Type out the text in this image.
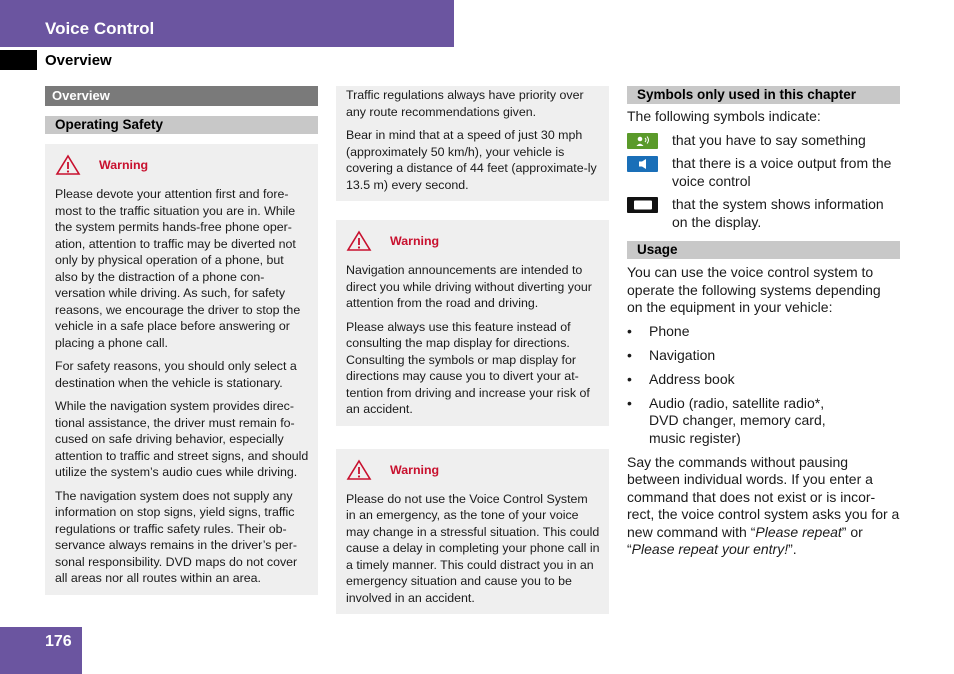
Voice Control
Overview
Overview
Operating Safety
Warning

Please devote your attention first and fore-most to the traffic situation you are in. While the system permits hands-free phone oper-ation, attention to traffic may be diverted not only by physical operation of a phone, but also by the distraction of a phone con-versation while driving. As such, for safety reasons, we encourage the driver to stop the vehicle in a safe place before answering or placing a phone call.

For safety reasons, you should only select a destination when the vehicle is stationary.

While the navigation system provides direc-tional assistance, the driver must remain fo-cused on safe driving behavior, especially attention to traffic and street signs, and should utilize the system’s audio cues while driving.

The navigation system does not supply any information on stop signs, yield signs, traffic regulations or traffic safety rules. Their ob-servance always remains in the driver’s per-sonal responsibility. DVD maps do not cover all areas nor all routes within an area.

Traffic regulations always have priority over any route recommendations given.

Bear in mind that at a speed of just 30 mph (approximately 50 km/h), your vehicle is covering a distance of 44 feet (approximate-ly 13.5 m) every second.

Warning

Navigation announcements are intended to direct you while driving without diverting your attention from the road and driving.

Please always use this feature instead of consulting the map display for directions. Consulting the symbols or map display for directions may cause you to divert your at-tention from driving and increase your risk of an accident.

Warning

Please do not use the Voice Control System in an emergency, as the tone of your voice may change in a stressful situation. This could cause a delay in completing your phone call in a timely manner. This could distract you in an emergency situation and cause you to be involved in an accident.

Symbols only used in this chapter

The following symbols indicate:

that you have to say something
that there is a voice output from the voice control
that the system shows information on the display.
Usage

You can use the voice control system to operate the following systems depending on the equipment in your vehicle:

• Phone
• Navigation
• Address book
• Audio (radio, satellite radio*,
DVD changer, memory card,
music register)

Say the commands without pausing between individual words. If you enter a command that does not exist or is incor-rect, the voice control system asks you for a new command with “Please repeat” or “Please repeat your entry!”.

176
